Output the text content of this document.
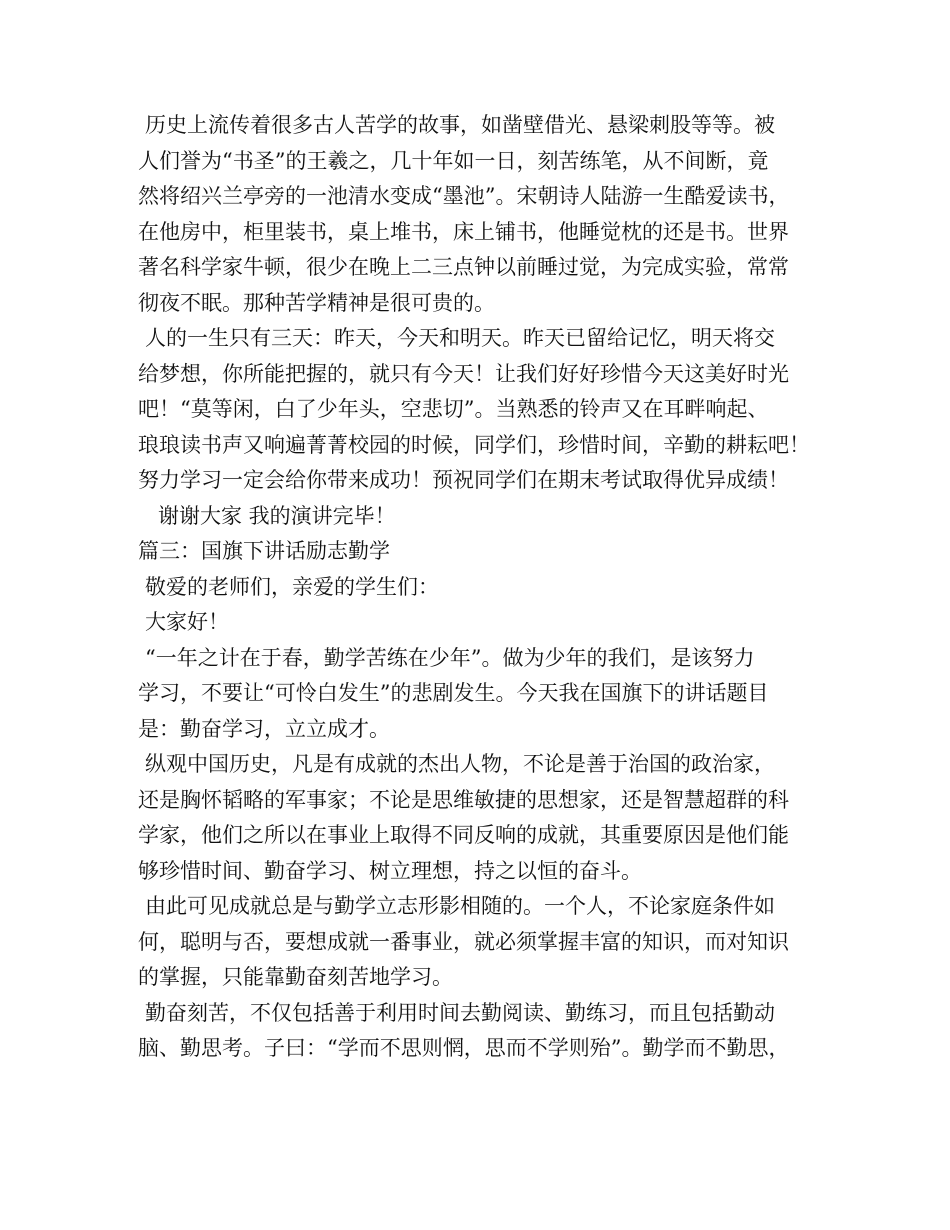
历史上流传着很多古人苦学的故事，如凿壁借光、悬梁刺股等等。被
人们誉为“书圣”的王羲之，几十年如一日，刻苦练笔，从不间断，竟
然将绍兴兰亭旁的一池清水变成“墨池”。宋朝诗人陆游一生酷爱读书，
在他房中，柜里装书，桌上堆书，床上铺书，他睡觉枕的还是书。世界
著名科学家牛顿，很少在晚上二三点钟以前睡过觉，为完成实验，常常
彻夜不眠。那种苦学精神是很可贵的。
人的一生只有三天：昨天，今天和明天。昨天已留给记忆，明天将交
给梦想，你所能把握的，就只有今天！让我们好好珍惜今天这美好时光
吧！“莫等闲，白了少年头，空悲切”。当熟悉的铃声又在耳畔响起、
琅琅读书声又响遍菁菁校园的时候，同学们，珍惜时间，辛勤的耕耘吧！
努力学习一定会给你带来成功！预祝同学们在期末考试取得优异成绩！
谢谢大家 我的演讲完毕！
篇三：国旗下讲话励志勤学
敬爱的老师们，亲爱的学生们：
大家好！
“一年之计在于春，勤学苦练在少年”。做为少年的我们，是该努力
学习，不要让“可怜白发生”的悲剧发生。今天我在国旗下的讲话题目
是：勤奋学习，立立成才。
纵观中国历史，凡是有成就的杰出人物，不论是善于治国的政治家，
还是胸怀韬略的军事家；不论是思维敏捷的思想家，还是智慧超群的科
学家，他们之所以在事业上取得不同反响的成就，其重要原因是他们能
够珍惜时间、勤奋学习、树立理想，持之以恒的奋斗。
由此可见成就总是与勤学立志形影相随的。一个人，不论家庭条件如
何，聪明与否，要想成就一番事业，就必须掌握丰富的知识，而对知识
的掌握，只能靠勤奋刻苦地学习。
勤奋刻苦，不仅包括善于利用时间去勤阅读、勤练习，而且包括勤动
脑、勤思考。子曰：“学而不思则惘，思而不学则殆”。勤学而不勤思，
